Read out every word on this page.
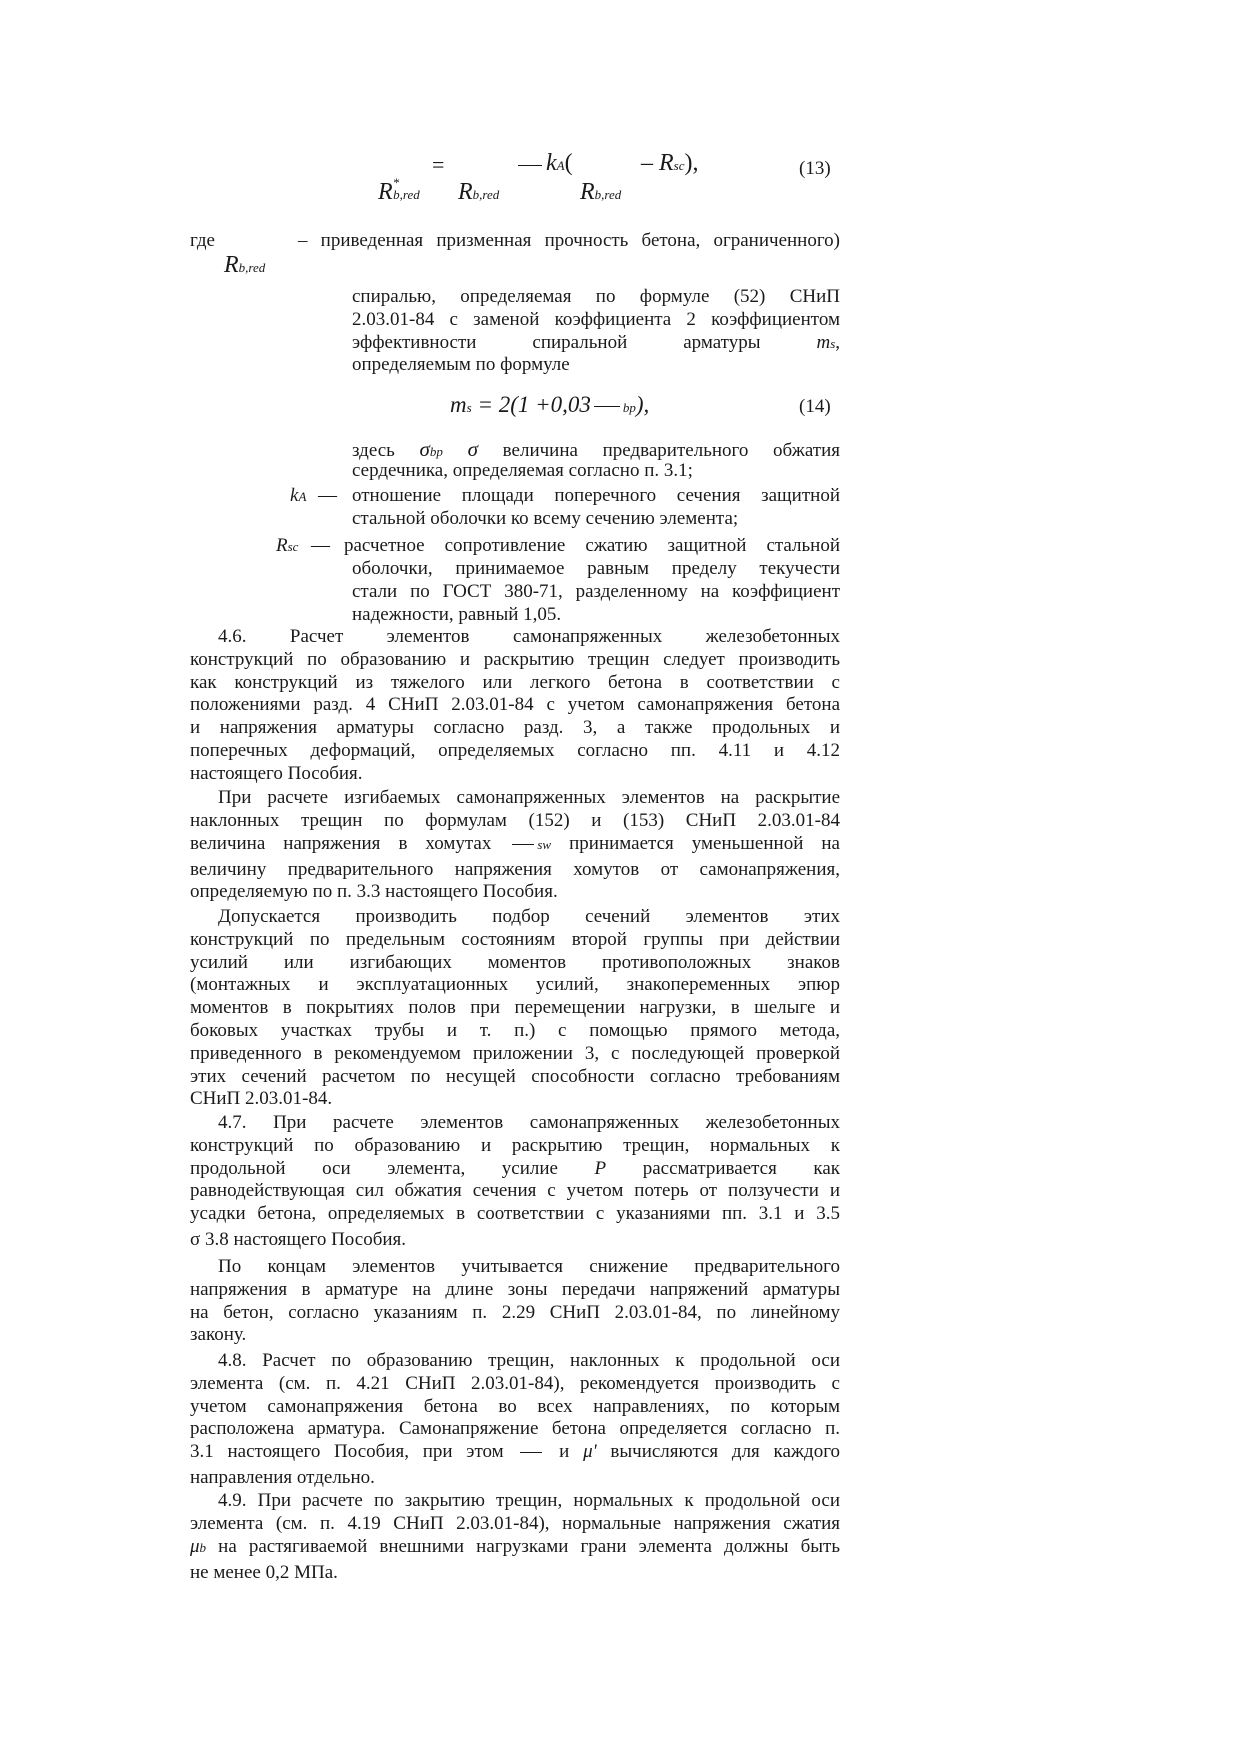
=	kA(	– Rsc),	(13)
R*b,red Rb,red	Rb,red
где	– приведенная призменная прочность бетона, ограниченного)
Rb,red
спиралью, определяемая по формуле (52) СНиП
2.03.01-84 с заменой коэффициента 2 коэффициентом
эффективности спиральной арматуры	ms,
определяемым по формуле
ms = 2(1 +0,03 bp),	(14)
здесь σbp σ величина предварительного обжатия
сердечника, определяемая согласно п. 3.1;
kA — отношение площади поперечного сечения защитной
стальной оболочки ко всему сечению элемента;
Rsc — расчетное сопротивление сжатию защитной стальной
оболочки, принимаемое равным пределу текучести
стали по ГОСТ 380-71, разделенному на коэффициент
надежности, равный 1,05.
4.6. Расчет элементов самонапряженных железобетонных
конструкций по образованию и раскрытию трещин следует производить
как конструкций из тяжелого или легкого бетона в соответствии с
положениями разд. 4 СНиП 2.03.01-84 с учетом самонапряжения бетона
и напряжения арматуры согласно разд. 3, а также продольных и
поперечных деформаций, определяемых согласно пп. 4.11 и 4.12
настоящего Пособия.
При расчете изгибаемых самонапряженных элементов на раскрытие
наклонных трещин по формулам (152) и (153) СНиП 2.03.01-84
величина напряжения в хомутах	sw принимается уменьшенной на
величину предварительного напряжения хомутов от самонапряжения,
определяемую по п. 3.3 настоящего Пособия.
Допускается производить подбор сечений элементов этих
конструкций по предельным состояниям второй группы при действии
усилий или изгибающих моментов противоположных знаков
(монтажных и эксплуатационных усилий, знакопеременных эпюр
моментов в покрытиях полов при перемещении нагрузки, в шелыге и
боковых участках трубы и т. п.) с помощью прямого метода,
приведенного в рекомендуемом приложении 3, с последующей проверкой
этих сечений расчетом по несущей способности согласно требованиям
СНиП 2.03.01-84.
4.7. При расчете элементов самонапряженных железобетонных
конструкций по образованию и раскрытию трещин, нормальных к
продольной оси элемента, усилие P рассматривается как
равнодействующая сил обжатия сечения с учетом потерь от ползучести и
усадки бетона, определяемых в соответствии с указаниями пп. 3.1 и 3.5
σ 3.8 настоящего Пособия.
По концам элементов учитывается снижение предварительного
напряжения в арматуре на длине зоны передачи напряжений арматуры
на бетон, согласно указаниям п. 2.29 СНиП 2.03.01-84, по линейному
закону.
4.8. Расчет по образованию трещин, наклонных к продольной оси
элемента (см. п. 4.21 СНиП 2.03.01-84), рекомендуется производить с
учетом самонапряжения бетона во всех направлениях, по которым
расположена арматура. Самонапряжение бетона определяется согласно п.
3.1 настоящего Пособия, при этом	и μ' вычисляются для каждого
направления отдельно.
4.9. При расчете по закрытию трещин, нормальных к продольной оси
элемента (см. п. 4.19 СНиП 2.03.01-84), нормальные напряжения сжатия
μb на растягиваемой внешними нагрузками грани элемента должны быть
не менее 0,2 МПа.
